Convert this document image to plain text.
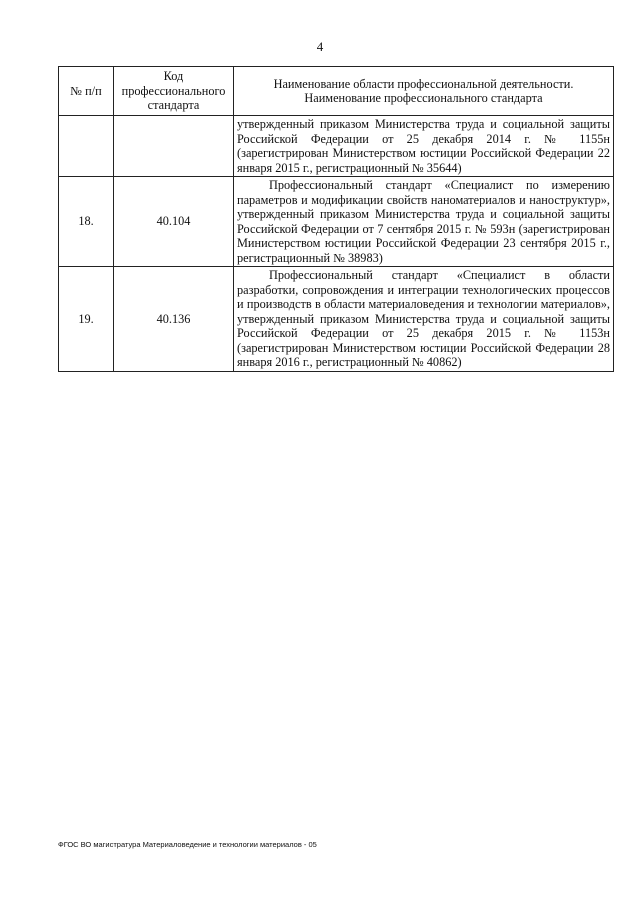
4
№ п/п	Код профессионального стандарта	Наименование области профессиональной деятельности. Наименование профессионального стандарта

		утвержденный приказом Министерства труда и социальной защиты Российской Федерации от 25 декабря 2014 г. № 1155н (зарегистрирован Министерством юстиции Российской Федерации 22 января 2015 г., регистрационный № 35644)

18.	40.104	Профессиональный стандарт «Специалист по измерению параметров и модификации свойств наноматериалов и наноструктур», утвержденный приказом Министерства труда и социальной защиты Российской Федерации от 7 сентября 2015 г. № 593н (зарегистрирован Министерством юстиции Российской Федерации 23 сентября 2015 г., регистрационный № 38983)

19.	40.136	Профессиональный стандарт «Специалист в области разработки, сопровождения и интеграции технологических процессов и производств в области материаловедения и технологии материалов», утвержденный приказом Министерства труда и социальной защиты Российской Федерации от 25 декабря 2015 г. № 1153н (зарегистрирован Министерством юстиции Российской Федерации 28 января 2016 г., регистрационный № 40862)
ФГОС ВО магистратура Материаловедение и технологии материалов - 05
